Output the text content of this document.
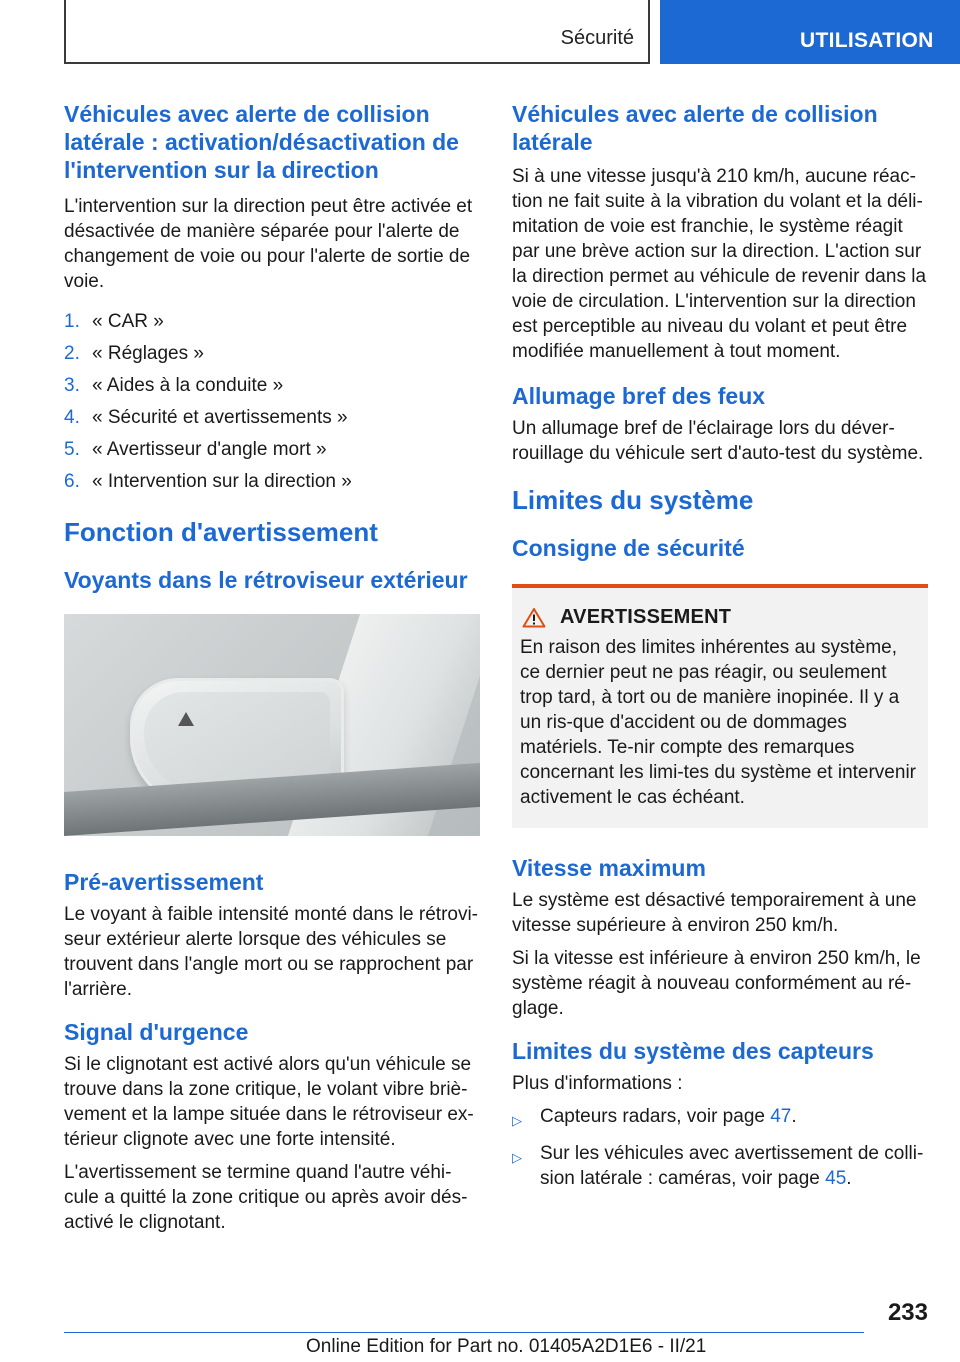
Sécurité	UTILISATION
Véhicules avec alerte de collision latérale : activation/désactivation de l'intervention sur la direction

L'intervention sur la direction peut être activée et désactivée de manière séparée pour l'alerte de changement de voie ou pour l'alerte de sortie de voie.

1. « CAR »
2. « Réglages »
3. « Aides à la conduite »
4. « Sécurité et avertissements »
5. « Avertisseur d'angle mort »
6. « Intervention sur la direction »
Fonction d'avertissement
Voyants dans le rétroviseur extérieur
Pré-avertissement

Le voyant à faible intensité monté dans le rétrovi-seur extérieur alerte lorsque des véhicules se trouvent dans l'angle mort ou se rapprochent par l'arrière.

Signal d'urgence

Si le clignotant est activé alors qu'un véhicule se trouve dans la zone critique, le volant vibre briè-vement et la lampe située dans le rétroviseur ex-térieur clignote avec une forte intensité.

L'avertissement se termine quand l'autre véhi-cule a quitté la zone critique ou après avoir dés-activé le clignotant.

Véhicules avec alerte de collision latérale

Si à une vitesse jusqu'à 210 km/h, aucune réac-tion ne fait suite à la vibration du volant et la déli-mitation de voie est franchie, le système réagit par une brève action sur la direction. L'action sur la direction permet au véhicule de revenir dans la voie de circulation. L'intervention sur la direction est perceptible au niveau du volant et peut être modifiée manuellement à tout moment.

Allumage bref des feux

Un allumage bref de l'éclairage lors du déver-rouillage du véhicule sert d'auto-test du système.

Limites du système
Consigne de sécurité
AVERTISSEMENT

En raison des limites inhérentes au système, ce dernier peut ne pas réagir, ou seulement trop tard, à tort ou de manière inopinée. Il y a un ris-que d'accident ou de dommages matériels. Te-nir compte des remarques concernant les limi-tes du système et intervenir activement le cas échéant.

Vitesse maximum

Le système est désactivé temporairement à une vitesse supérieure à environ 250 km/h.

Si la vitesse est inférieure à environ 250 km/h, le système réagit à nouveau conformément au ré-glage.

Limites du système des capteurs

Plus d'informations :

▷ Capteurs radars, voir page 47.
▷ Sur les véhicules avec avertissement de colli-sion latérale : caméras, voir page 45.
233
Online Edition for Part no. 01405A2D1E6 - II/21
